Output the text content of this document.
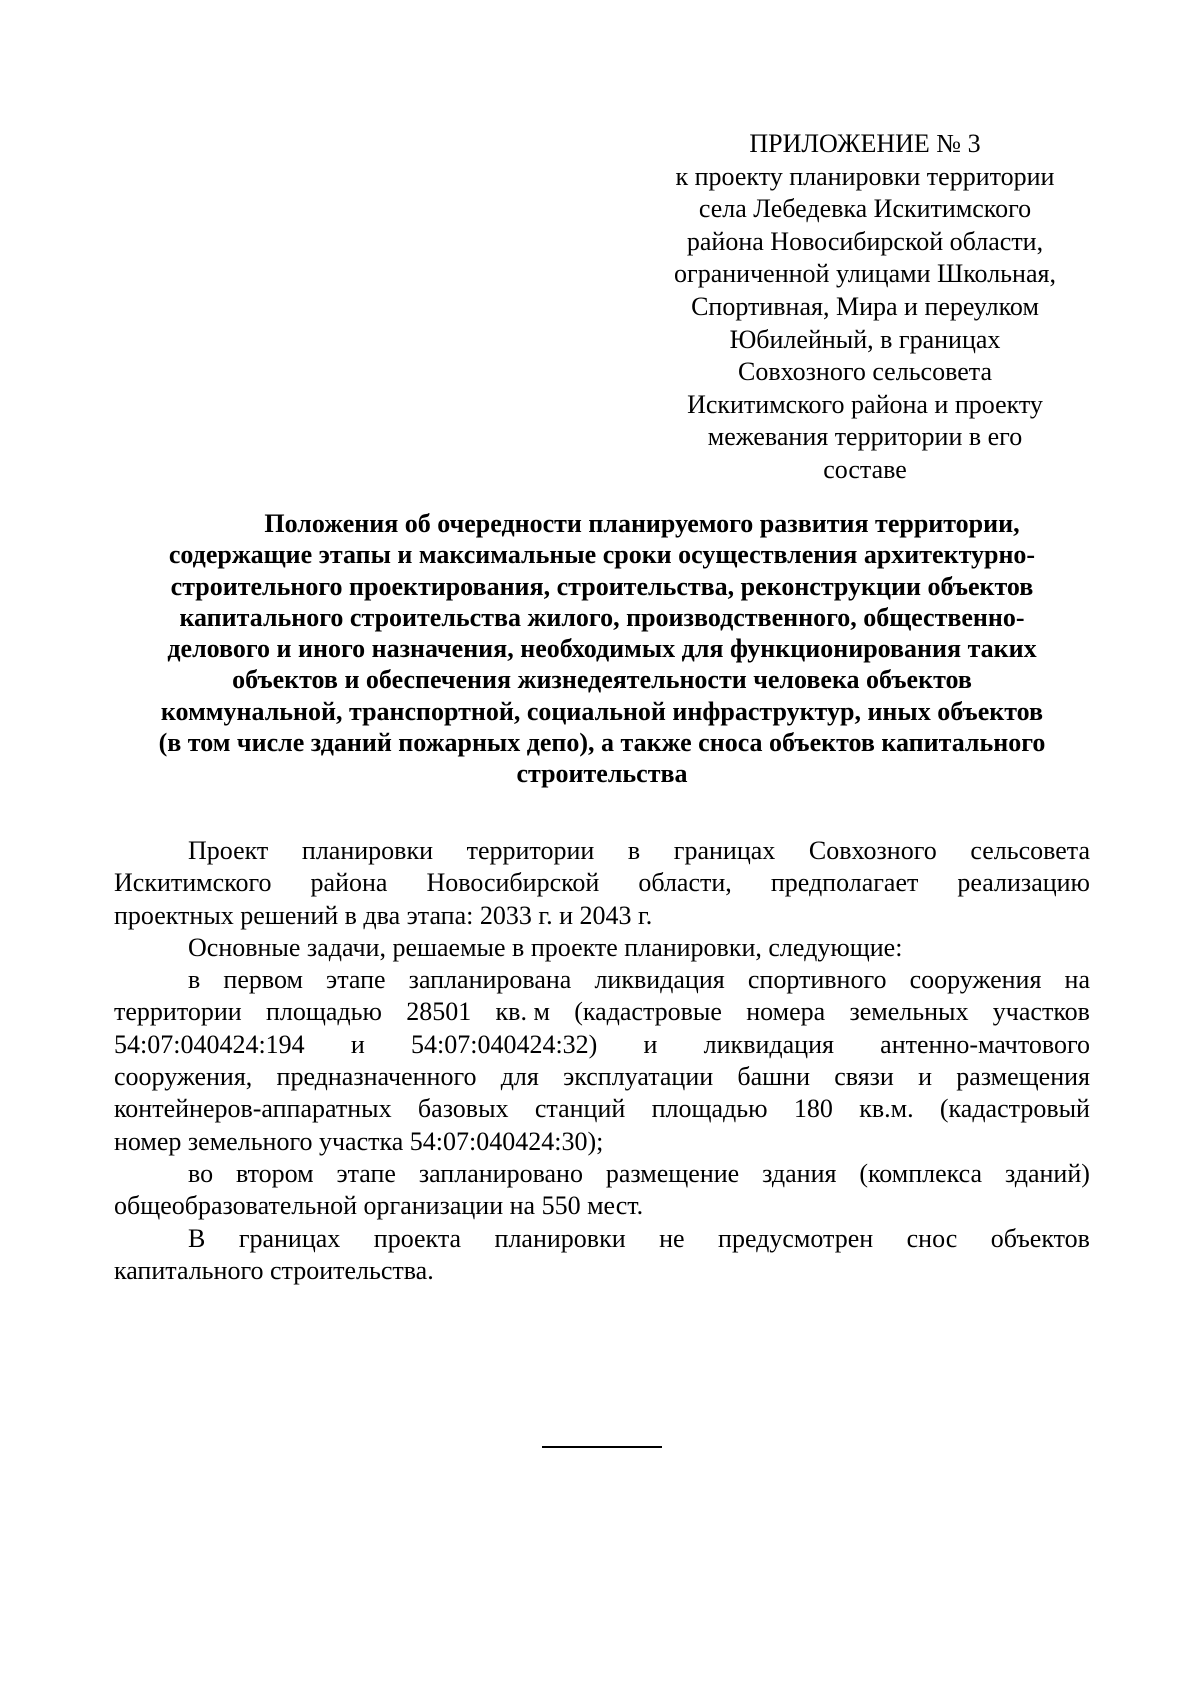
ПРИЛОЖЕНИЕ № 3
к проекту планировки территории
села Лебедевка Искитимского
района Новосибирской области,
ограниченной улицами Школьная,
Спортивная, Мира и переулком
Юбилейный, в границах
Совхозного сельсовета
Искитимского района и проекту
межевания территории в его
составе
Положения об очередности планируемого развития территории,
содержащие этапы и максимальные сроки осуществления архитектурно-
строительного проектирования, строительства, реконструкции объектов
капитального строительства жилого, производственного, общественно-
делового и иного назначения, необходимых для функционирования таких
объектов и обеспечения жизнедеятельности человека объектов
коммунальной, транспортной, социальной инфраструктур, иных объектов
(в том числе зданий пожарных депо), а также сноса объектов капитального
строительства
Проект планировки территории в границах Совхозного сельсовета
Искитимского района Новосибирской области, предполагает реализацию
проектных решений в два этапа: 2033 г. и 2043 г.
Основные задачи, решаемые в проекте планировки, следующие:
в первом этапе запланирована ликвидация спортивного сооружения на
территории площадью 28501 кв. м (кадастровые номера земельных участков
54:07:040424:194 и 54:07:040424:32) и ликвидация антенно-мачтового
сооружения, предназначенного для эксплуатации башни связи и размещения
контейнеров-аппаратных базовых станций площадью 180 кв.м. (кадастровый
номер земельного участка 54:07:040424:30);
во втором этапе запланировано размещение здания (комплекса зданий)
общеобразовательной организации на 550 мест.
В границах проекта планировки не предусмотрен снос объектов
капитального строительства.
